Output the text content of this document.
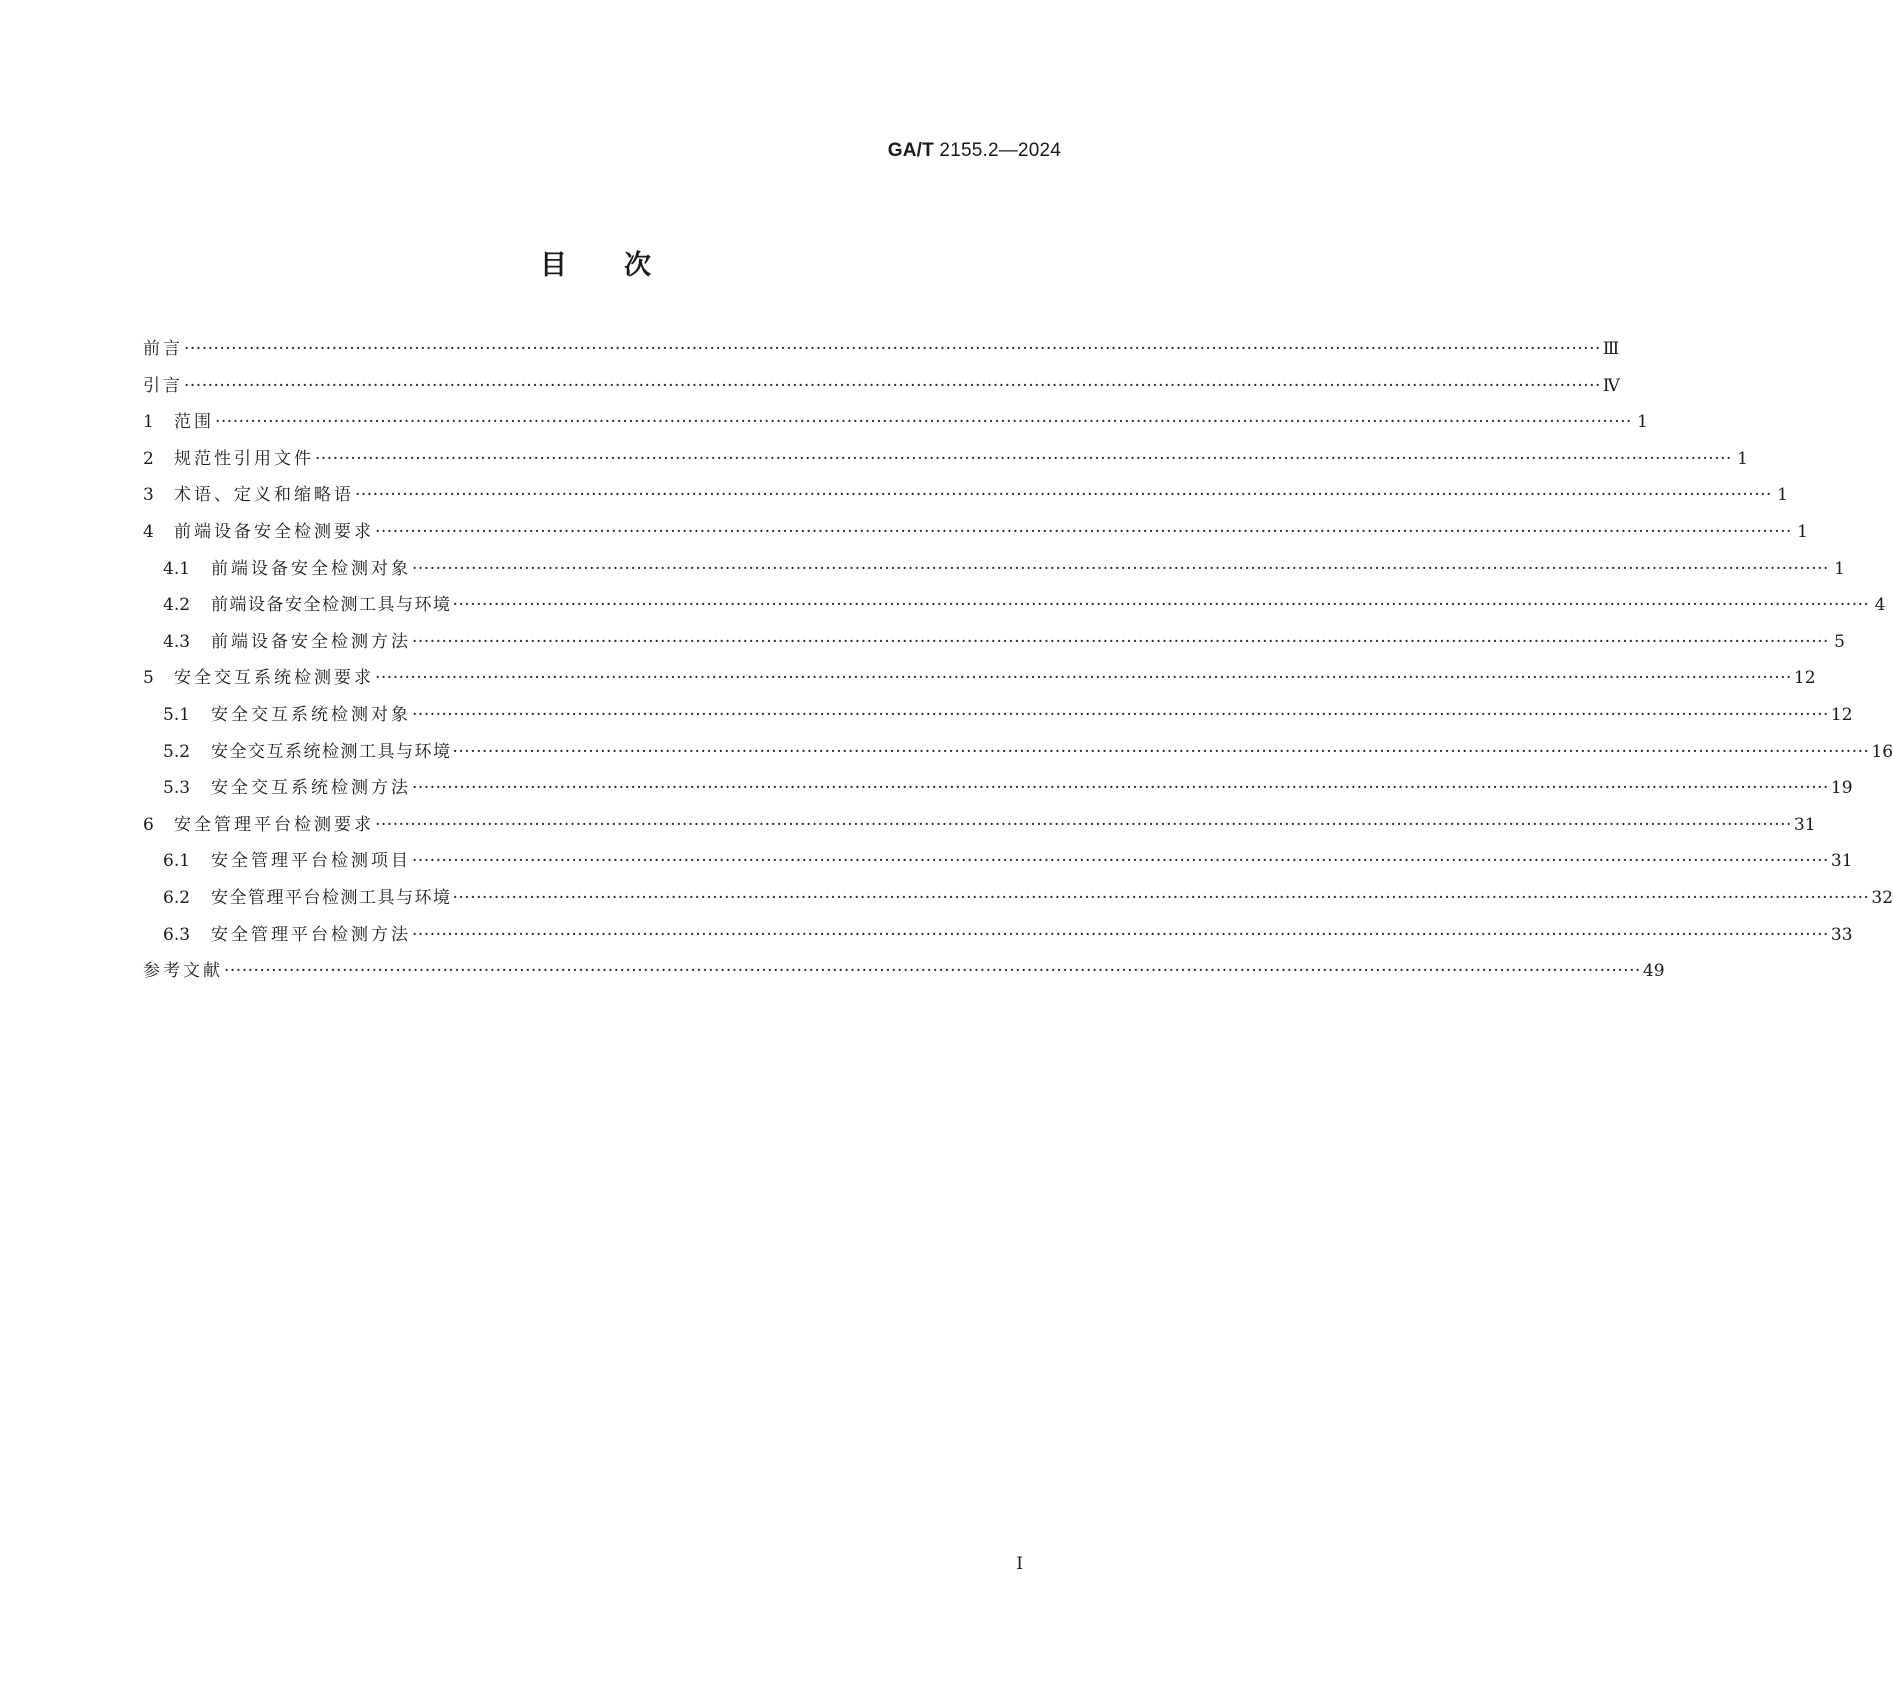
GA/T 2155.2—2024
目次
前言 ················································································································································································································································ Ⅲ
引言 ················································································································································································································································ Ⅳ
1	范围 ················································································································································································································································ 1
2	规范性引用文件 ················································································································································································································································ 1
3	术语、定义和缩略语 ················································································································································································································································ 1
4	前端设备安全检测要求 ················································································································································································································································ 1
4.1	前端设备安全检测对象 ················································································································································································································································ 1
4.2	前端设备安全检测工具与环境 ················································································································································································································································ 4
4.3	前端设备安全检测方法 ················································································································································································································································ 5
5	安全交互系统检测要求 ················································································································································································································································ 12
5.1	安全交互系统检测对象 ················································································································································································································································ 12
5.2	安全交互系统检测工具与环境 ················································································································································································································································ 16
5.3	安全交互系统检测方法 ················································································································································································································································ 19
6	安全管理平台检测要求 ················································································································································································································································ 31
6.1	安全管理平台检测项目 ················································································································································································································································ 31
6.2	安全管理平台检测工具与环境 ················································································································································································································································ 32
6.3	安全管理平台检测方法 ················································································································································································································································ 33
参考文献 ················································································································································································································································ 49
I
